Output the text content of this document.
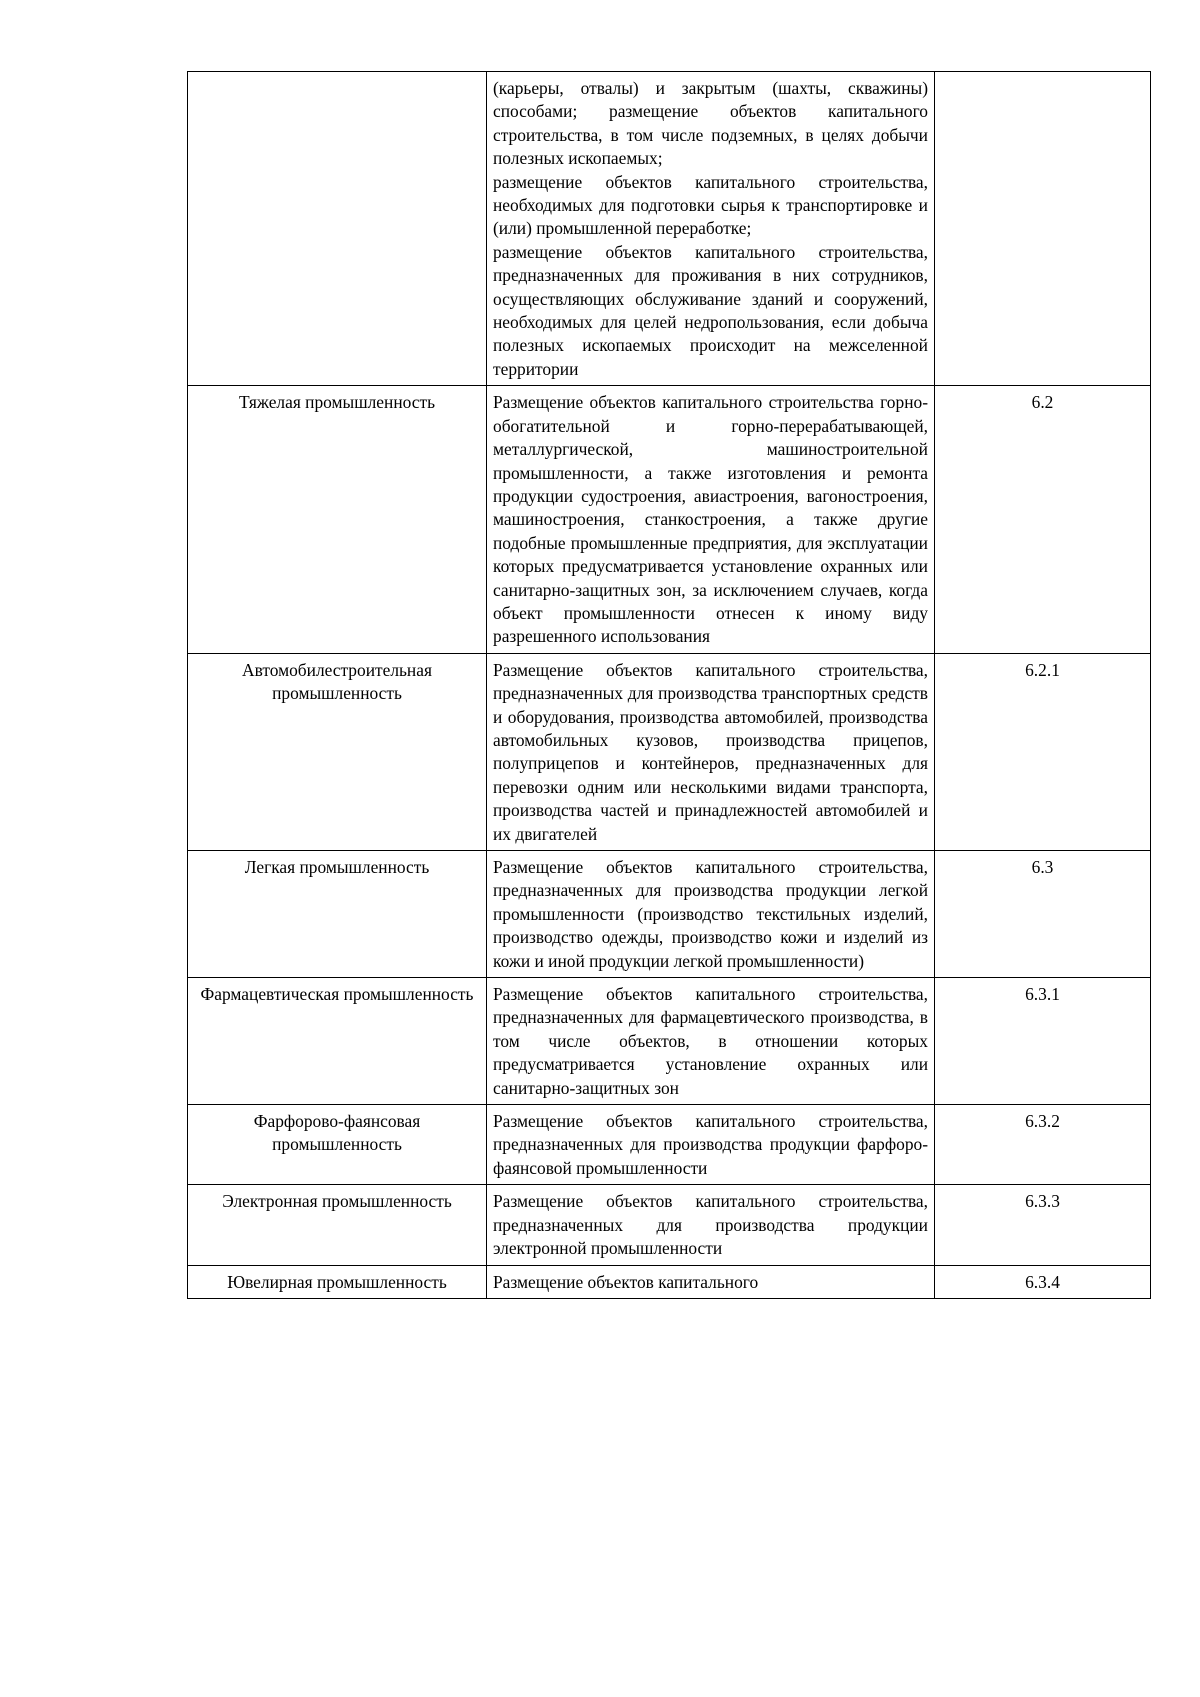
	(карьеры, отвалы) и закрытым (шахты, скважины) способами; размещение объектов капитального строительства, в том числе подземных, в целях добычи полезных ископаемых;
размещение объектов капитального строительства, необходимых для подготовки сырья к транспортировке и (или) промышленной переработке;
размещение объектов капитального строительства, предназначенных для проживания в них сотрудников, осуществляющих обслуживание зданий и сооружений, необходимых для целей недропользования, если добыча полезных ископаемых происходит на межселенной территории	

Тяжелая промышленность	Размещение объектов капитального строительства горно-обогатительной и горно-перерабатывающей, металлургической, машиностроительной промышленности, а также изготовления и ремонта продукции судостроения, авиастроения, вагоностроения, машиностроения, станкостроения, а также другие подобные промышленные предприятия, для эксплуатации которых предусматривается установление охранных или санитарно-защитных зон, за исключением случаев, когда объект промышленности отнесен к иному виду разрешенного использования	6.2
Автомобилестроительная промышленность	Размещение объектов капитального строительства, предназначенных для производства транспортных средств и оборудования, производства автомобилей, производства автомобильных кузовов, производства прицепов, полуприцепов и контейнеров, предназначенных для перевозки одним или несколькими видами транспорта, производства частей и принадлежностей автомобилей и их двигателей	6.2.1
Легкая промышленность	Размещение объектов капитального строительства, предназначенных для производства продукции легкой промышленности (производство текстильных изделий, производство одежды, производство кожи и изделий из кожи и иной продукции легкой промышленности)	6.3
Фармацевтическая промышленность	Размещение объектов капитального строительства, предназначенных для фармацевтического производства, в том числе объектов, в отношении которых предусматривается установление охранных или санитарно-защитных зон	6.3.1
Фарфорово-фаянсовая промышленность	Размещение объектов капитального строительства, предназначенных для производства продукции фарфоро-фаянсовой промышленности	6.3.2
Электронная промышленность	Размещение объектов капитального строительства, предназначенных для производства продукции электронной промышленности	6.3.3
Ювелирная промышленность	Размещение объектов капитального	6.3.4
